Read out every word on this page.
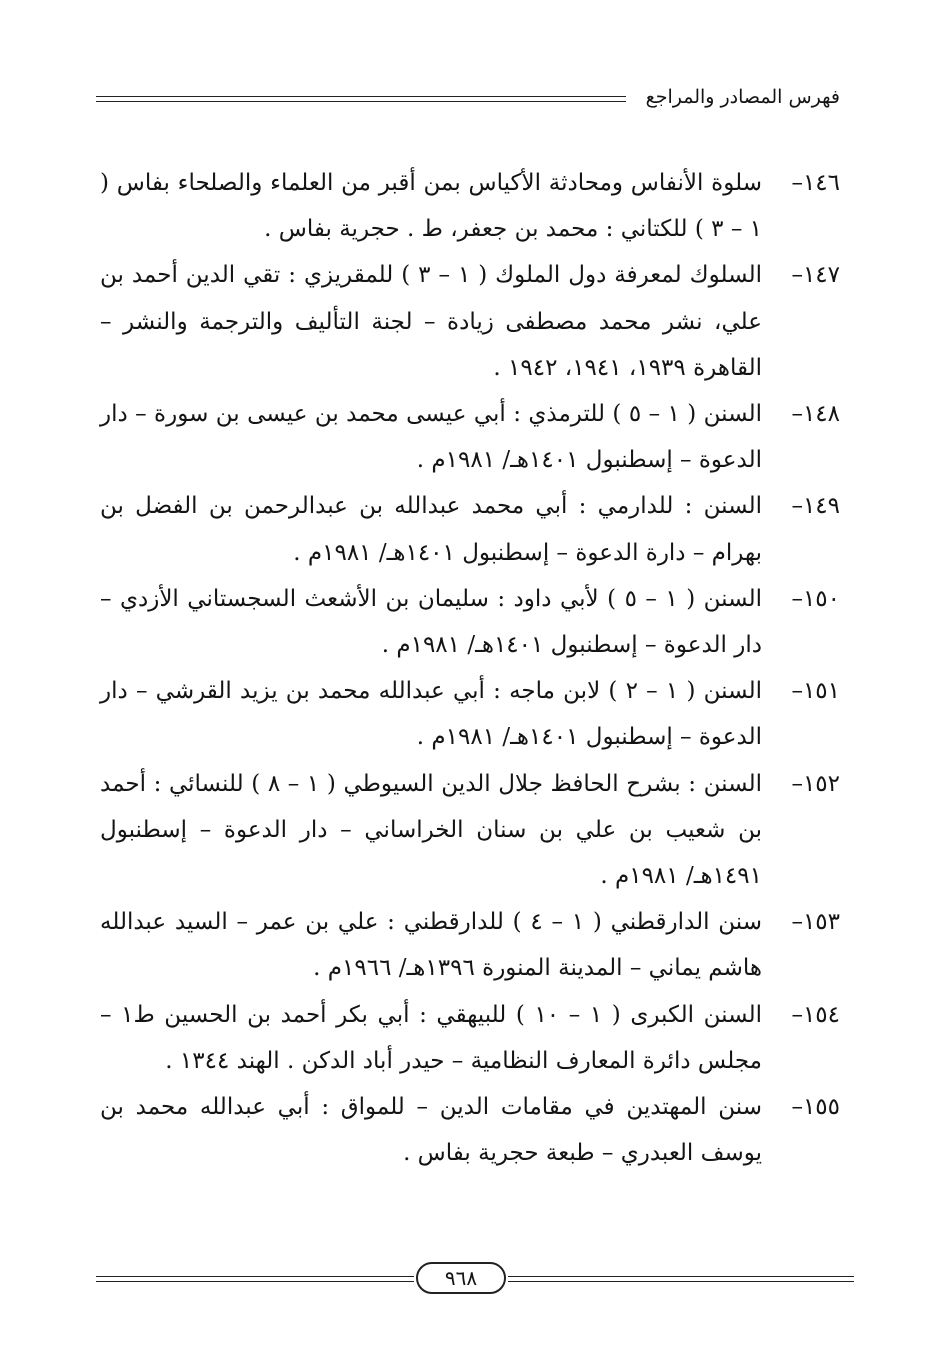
فهرس المصادر والمراجع
١٤٦–
سلوة الأنفاس ومحادثة الأكياس بمن أقبر من العلماء والصلحاء بفاس ( ١ – ٣ ) للكتاني : محمد بن جعفر، ط . حجرية بفاس .
١٤٧–
السلوك لمعرفة دول الملوك ( ١ – ٣ ) للمقريزي : تقي الدين أحمد بن علي، نشر محمد مصطفى زيادة – لجنة التأليف والترجمة والنشر – القاهرة ١٩٣٩، ١٩٤١، ١٩٤٢ .
١٤٨–
السنن ( ١ – ٥ ) للترمذي : أبي عيسى محمد بن عيسى بن سورة – دار الدعوة – إسطنبول ١٤٠١هـ/ ١٩٨١م .
١٤٩–
السنن : للدارمي : أبي محمد عبدالله بن عبدالرحمن بن الفضل بن بهرام – دارة الدعوة – إسطنبول ١٤٠١هـ/ ١٩٨١م .
١٥٠–
السنن ( ١ – ٥ ) لأبي داود : سليمان بن الأشعث السجستاني الأزدي – دار الدعوة – إسطنبول ١٤٠١هـ/ ١٩٨١م .
١٥١–
السنن ( ١ – ٢ ) لابن ماجه : أبي عبدالله محمد بن يزيد القرشي – دار الدعوة – إسطنبول ١٤٠١هـ/ ١٩٨١م .
١٥٢–
السنن : بشرح الحافظ جلال الدين السيوطي ( ١ – ٨ ) للنسائي : أحمد بن شعيب بن علي بن سنان الخراساني – دار الدعوة – إسطنبول ١٤٩١هـ/ ١٩٨١م .
١٥٣–
سنن الدارقطني ( ١ – ٤ ) للدارقطني : علي بن عمر – السيد عبدالله هاشم يماني – المدينة المنورة ١٣٩٦هـ/ ١٩٦٦م .
١٥٤–
السنن الكبرى ( ١ – ١٠ ) للبيهقي : أبي بكر أحمد بن الحسين ط١ – مجلس دائرة المعارف النظامية – حيدر أباد الدكن . الهند ١٣٤٤ .
١٥٥–
سنن المهتدين في مقامات الدين – للمواق : أبي عبدالله محمد بن يوسف العبدري – طبعة حجرية بفاس .
٩٦٨
